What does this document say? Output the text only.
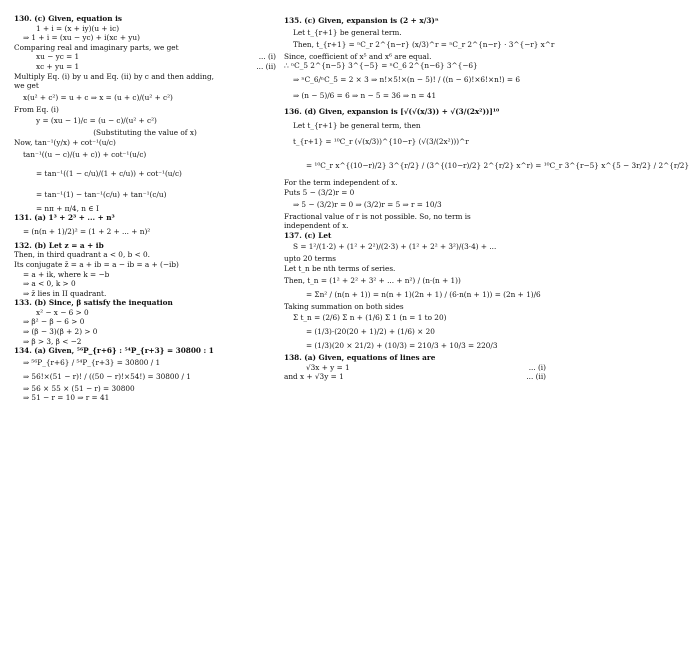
130. (c) Given, equation is
1 + i = (x + iy)(u + ic)
⇒ 1 + i = (xu − yc) + i(xc + yu)
Comparing real and imaginary parts, we get
xu − yc = 1	... (i)
xc + yu = 1	... (ii)
Multiply Eq. (i) by u and Eq. (ii) by c and then adding,
we get
x(u² + c²) = u + c ⇒ x = (u + c)/(u² + c²)
From Eq. (i)
y = (xu − 1)/c = (u − c)/(u² + c²)
(Substituting the value of x)
Now, tan⁻¹(y/x) + cot⁻¹(u/c)
tan⁻¹((u − c)/(u + c)) + cot⁻¹(u/c)
= tan⁻¹((1 − c/u)/(1 + c/u)) + cot⁻¹(u/c)
= tan⁻¹(1) − tan⁻¹(c/u) + tan⁻¹(c/u)
= nπ + π/4, n ∈ I
131. (a) 1³ + 2³ + ... + n³
= (n(n + 1)/2)² = (1 + 2 + ... + n)²
132. (b) Let z = a + ib
Then, in third quadrant a < 0, b < 0.
Its conjugate z̄ = a + ib = a − ib = a + (−ib)
= a + ik, where k = −b
⇒ a < 0, k > 0
⇒ z̄ lies in II quadrant.
133. (b) Since, β satisfy the inequation
x² − x − 6 > 0
⇒ β² − β − 6 > 0
⇒ (β − 3)(β + 2) > 0
⇒ β > 3, β < −2
134. (a) Given, ⁵⁶P_{r+6} : ⁵⁴P_{r+3} = 30800 : 1
⇒ ⁵⁶P_{r+6} / ⁵⁴P_{r+3} = 30800 / 1
⇒ 56!×(51 − r)! / ((50 − r)!×54!) = 30800 / 1
⇒ 56 × 55 × (51 − r) = 30800
⇒ 51 − r = 10 ⇒ r = 41
135. (c) Given, expansion is (2 + x/3)ⁿ
Let t_{r+1} be general term.
Then, t_{r+1} = ⁿC_r 2^{n−r} (x/3)^r = ⁿC_r 2^{n−r} · 3^{−r} x^r
Since, coefficient of x⁵ and x⁶ are equal.
∴ ⁿC_5 2^{n−5} 3^{−5} = ⁿC_6 2^{n−6} 3^{−6}
⇒ ⁿC_6/ⁿC_5 = 2 × 3 ⇒ n!×5!×(n − 5)! / ((n − 6)!×6!×n!) = 6
⇒ (n − 5)/6 = 6 ⇒ n − 5 = 36 ⇒ n = 41
136. (d) Given, expansion is [√(√(x/3)) + √(3/(2x²))]¹⁰
Let t_{r+1} be general term, then
t_{r+1} = ¹⁰C_r (√(x/3))^{10−r} (√(3/(2x²)))^r
= ¹⁰C_r x^{(10−r)/2} 3^{r/2} / (3^{(10−r)/2} 2^{r/2} x^r) = ¹⁰C_r 3^{r−5} x^{5 − 3r/2} / 2^{r/2}
For the term independent of x.
Puts 5 − (3/2)r = 0
⇒ 5 − (3/2)r = 0 ⇒ (3/2)r = 5 ⇒ r = 10/3
Fractional value of r is not possible. So, no term is
independent of x.
137. (c) Let
S = 1²/(1·2) + (1² + 2²)/(2·3) + (1² + 2² + 3²)/(3·4) + ...
upto 20 terms
Let t_n be nth terms of series.
Then, t_n = (1² + 2² + 3² + ... + n²) / (n·(n + 1))
= Σn² / (n(n + 1)) = n(n + 1)(2n + 1) / (6·n(n + 1)) = (2n + 1)/6
Taking summation on both sides
Σ t_n = (2/6) Σ n + (1/6) Σ 1 (n = 1 to 20)
= (1/3)·(20(20 + 1)/2) + (1/6) × 20
= (1/3)(20 × 21/2) + (10/3) = 210/3 + 10/3 = 220/3
138. (a) Given, equations of lines are
√3x + y = 1	... (i)
and x + √3y = 1	... (ii)
